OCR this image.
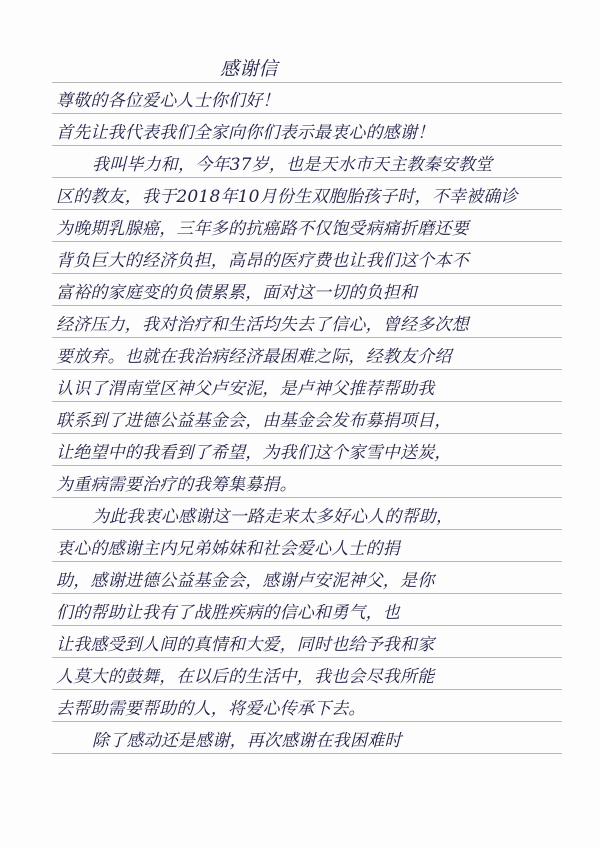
感谢信
尊敬的各位爱心人士你们好！
首先让我代表我们全家向你们表示最衷心的感谢！
我叫毕力和，今年37岁，也是天水市天主教秦安教堂
区的教友，我于2018年10月份生双胞胎孩子时，不幸被确诊
为晚期乳腺癌，三年多的抗癌路不仅饱受病痛折磨还要
背负巨大的经济负担，高昂的医疗费也让我们这个本不
富裕的家庭变的负债累累，面对这一切的负担和
经济压力，我对治疗和生活均失去了信心，曾经多次想
要放弃。也就在我治病经济最困难之际，经教友介绍
认识了渭南堂区神父卢安泥，是卢神父推荐帮助我
联系到了进德公益基金会，由基金会发布募捐项目，
让绝望中的我看到了希望，为我们这个家雪中送炭，
为重病需要治疗的我筹集募捐。
为此我衷心感谢这一路走来太多好心人的帮助，
衷心的感谢主内兄弟姊妹和社会爱心人士的捐
助，感谢进德公益基金会，感谢卢安泥神父，是你
们的帮助让我有了战胜疾病的信心和勇气，也
让我感受到人间的真情和大爱，同时也给予我和家
人莫大的鼓舞，在以后的生活中，我也会尽我所能
去帮助需要帮助的人，将爱心传承下去。
除了感动还是感谢，再次感谢在我困难时
